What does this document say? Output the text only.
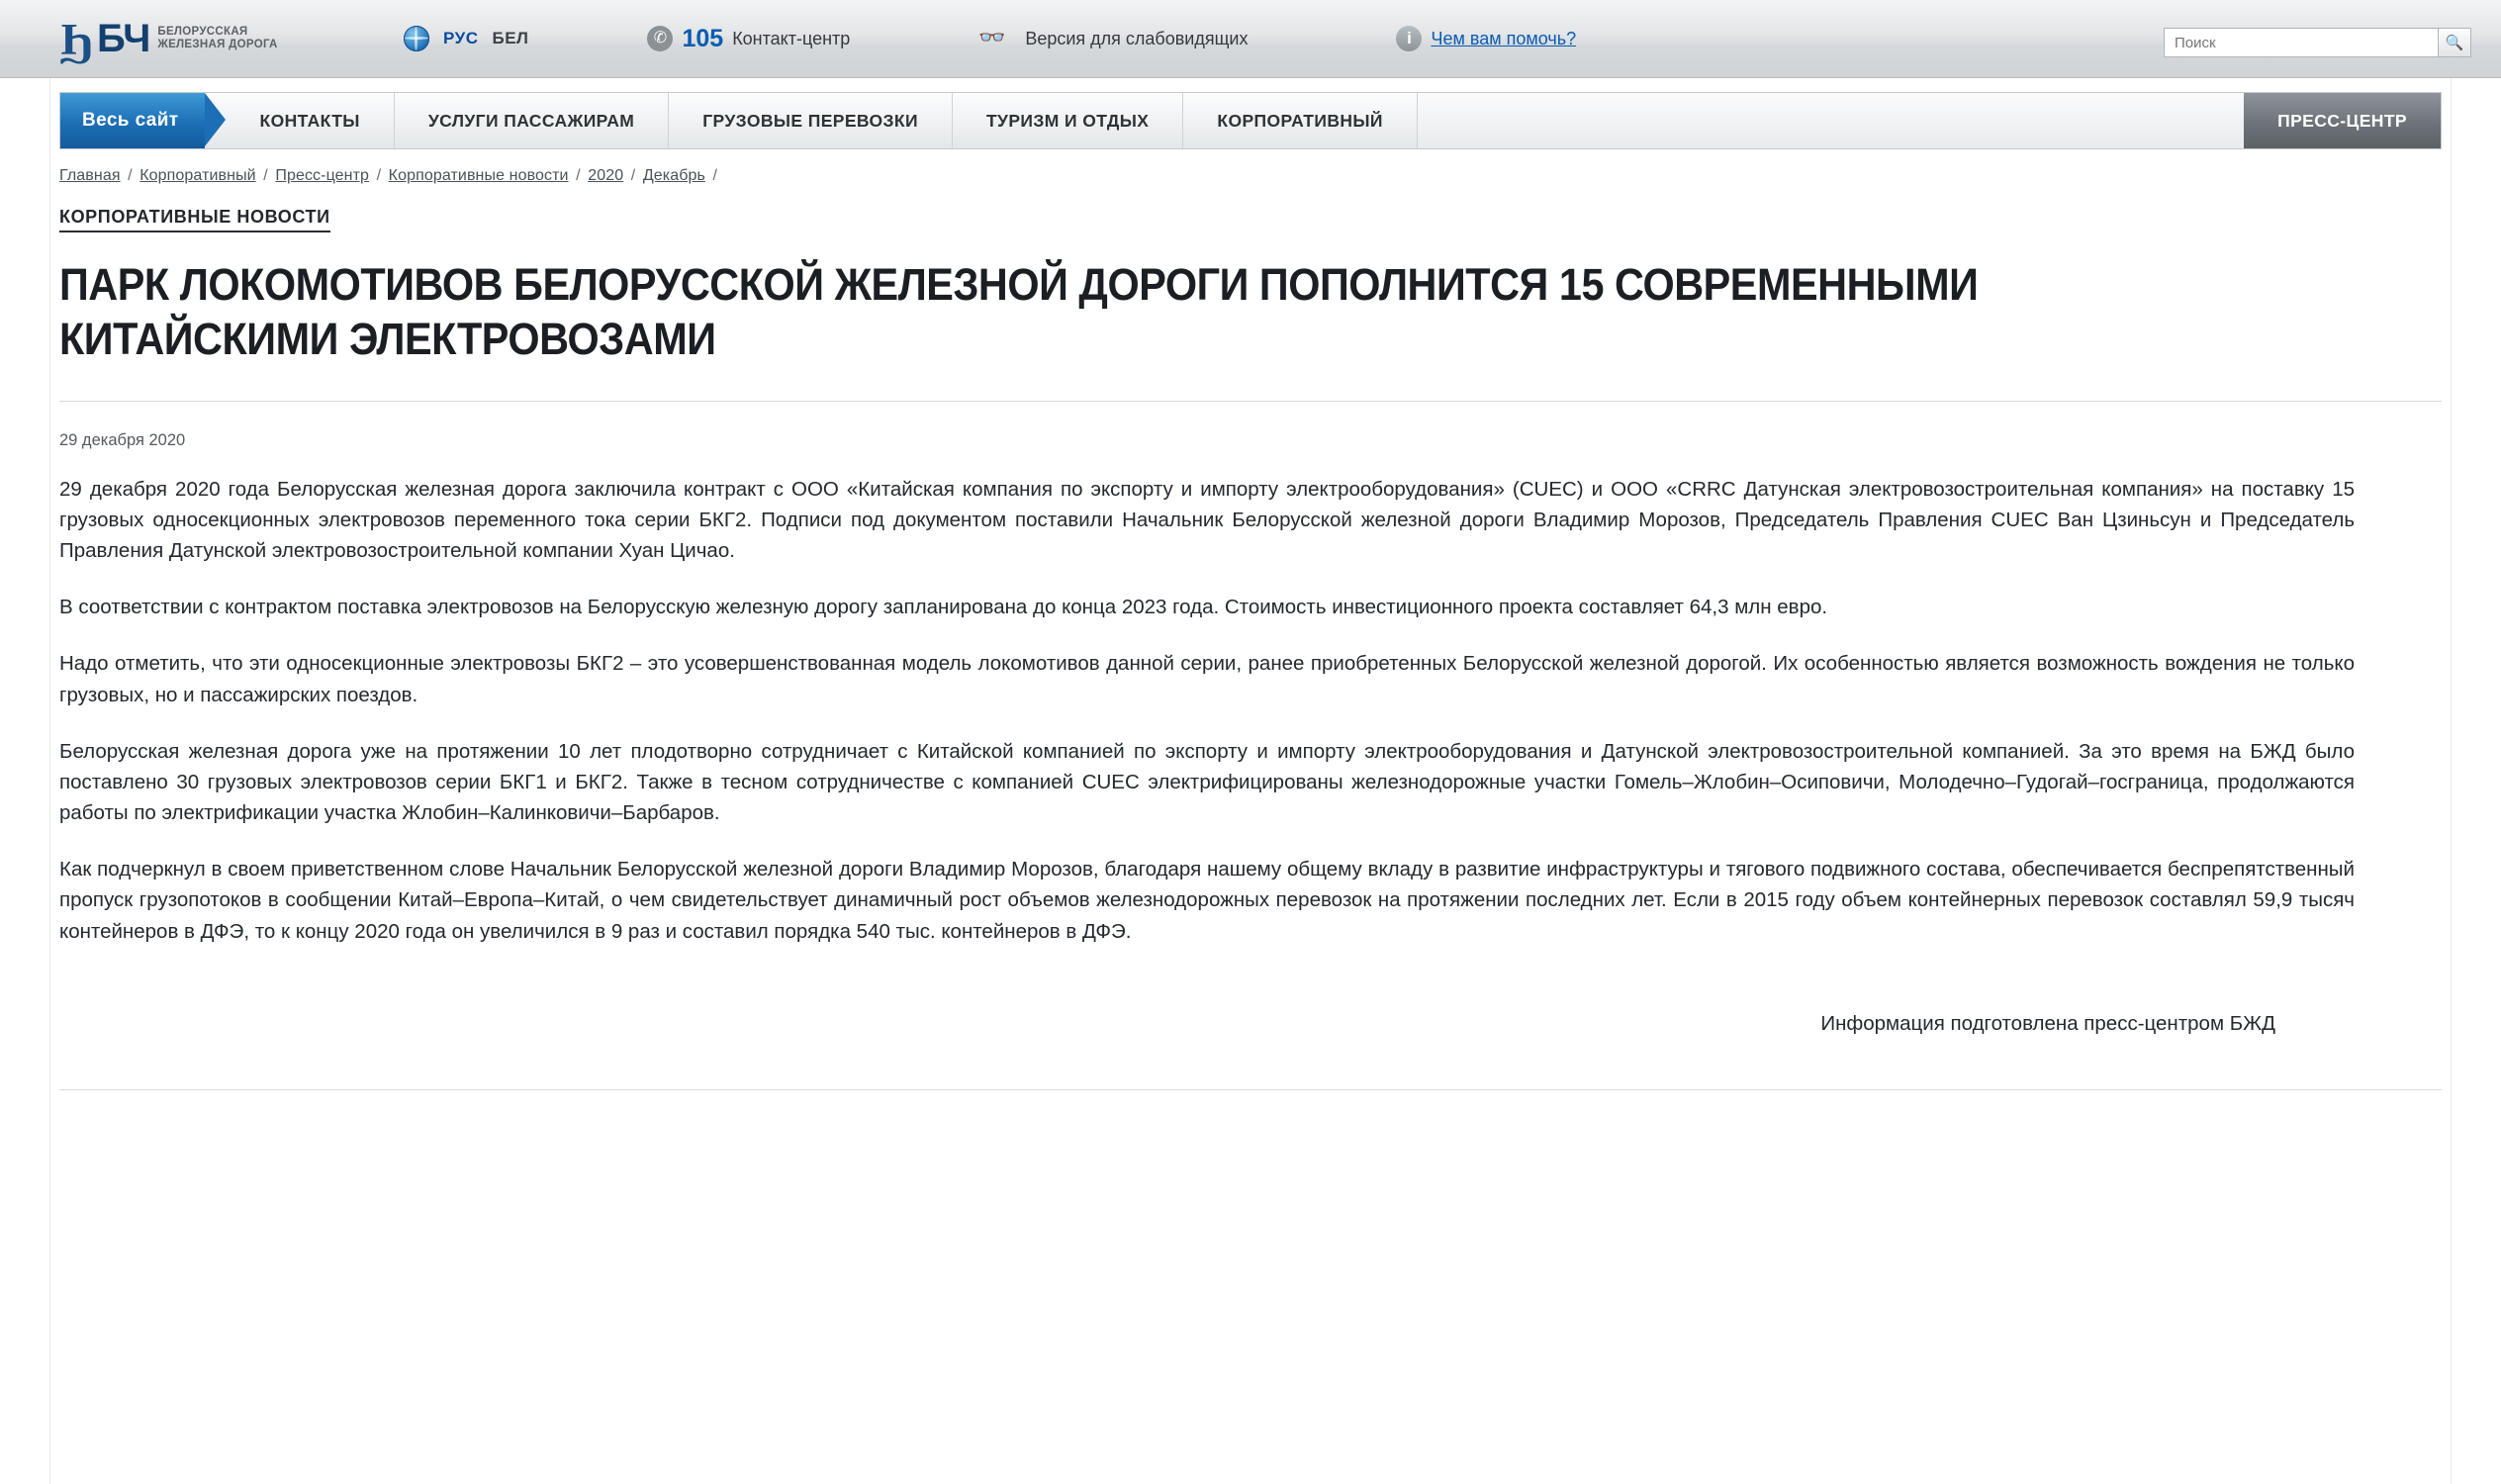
Ϧ БЧ БЕЛОРУССКАЯ
ЖЕЛЕЗНАЯ ДОРОГА	РУС БЕЛ	✆ 105 Контакт-центр	👓	Версия для слабовидящих	i	Чем вам помочь?
Поиск	🔍
Весь сайт	КОНТАКТЫ	УСЛУГИ ПАССАЖИРАМ	ГРУЗОВЫЕ ПЕРЕВОЗКИ	ТУРИЗМ И ОТДЫХ	КОРПОРАТИВНЫЙ	ПРЕСС-ЦЕНТР
Главная / Корпоративный / Пресс-центр / Корпоративные новости / 2020 / Декабрь /
КОРПОРАТИВНЫЕ НОВОСТИ
ПАРК ЛОКОМОТИВОВ БЕЛОРУССКОЙ ЖЕЛЕЗНОЙ ДОРОГИ ПОПОЛНИТСЯ 15 СОВРЕМЕННЫМИ КИТАЙСКИМИ ЭЛЕКТРОВОЗАМИ
29 декабря 2020

29 декабря 2020 года Белорусская железная дорога заключила контракт с ООО «Китайская компания по экспорту и импорту электрооборудования» (CUEC) и ООО «CRRC Датунская электровозостроительная компания» на поставку 15 грузовых односекционных электровозов переменного тока серии БКГ2. Подписи под документом поставили Начальник Белорусской железной дороги Владимир Морозов, Председатель Правления CUEC Ван Цзиньсун и Председатель Правления Датунской электровозостроительной компании Хуан Цичао.

В соответствии с контрактом поставка электровозов на Белорусскую железную дорогу запланирована до конца 2023 года. Стоимость инвестиционного проекта составляет 64,3 млн евро.

Надо отметить, что эти односекционные электровозы БКГ2 – это усовершенствованная модель локомотивов данной серии, ранее приобретенных Белорусской железной дорогой. Их особенностью является возможность вождения не только грузовых, но и пассажирских поездов.

Белорусская железная дорога уже на протяжении 10 лет плодотворно сотрудничает с Китайской компанией по экспорту и импорту электрооборудования и Датунской электровозостроительной компанией. За это время на БЖД было поставлено 30 грузовых электровозов серии БКГ1 и БКГ2. Также в тесном сотрудничестве с компанией CUEC электрифицированы железнодорожные участки Гомель–Жлобин–Осиповичи, Молодечно–Гудогай–госграница, продолжаются работы по электрификации участка Жлобин–Калинковичи–Барбаров.

Как подчеркнул в своем приветственном слове Начальник Белорусской железной дороги Владимир Морозов, благодаря нашему общему вкладу в развитие инфраструктуры и тягового подвижного состава, обеспечивается беспрепятственный пропуск грузопотоков в сообщении Китай–Европа–Китай, о чем свидетельствует динамичный рост объемов железнодорожных перевозок на протяжении последних лет. Если в 2015 году объем контейнерных перевозок составлял 59,9 тысяч контейнеров в ДФЭ, то к концу 2020 года он увеличился в 9 раз и составил порядка 540 тыс. контейнеров в ДФЭ.

Информация подготовлена пресс-центром БЖД
